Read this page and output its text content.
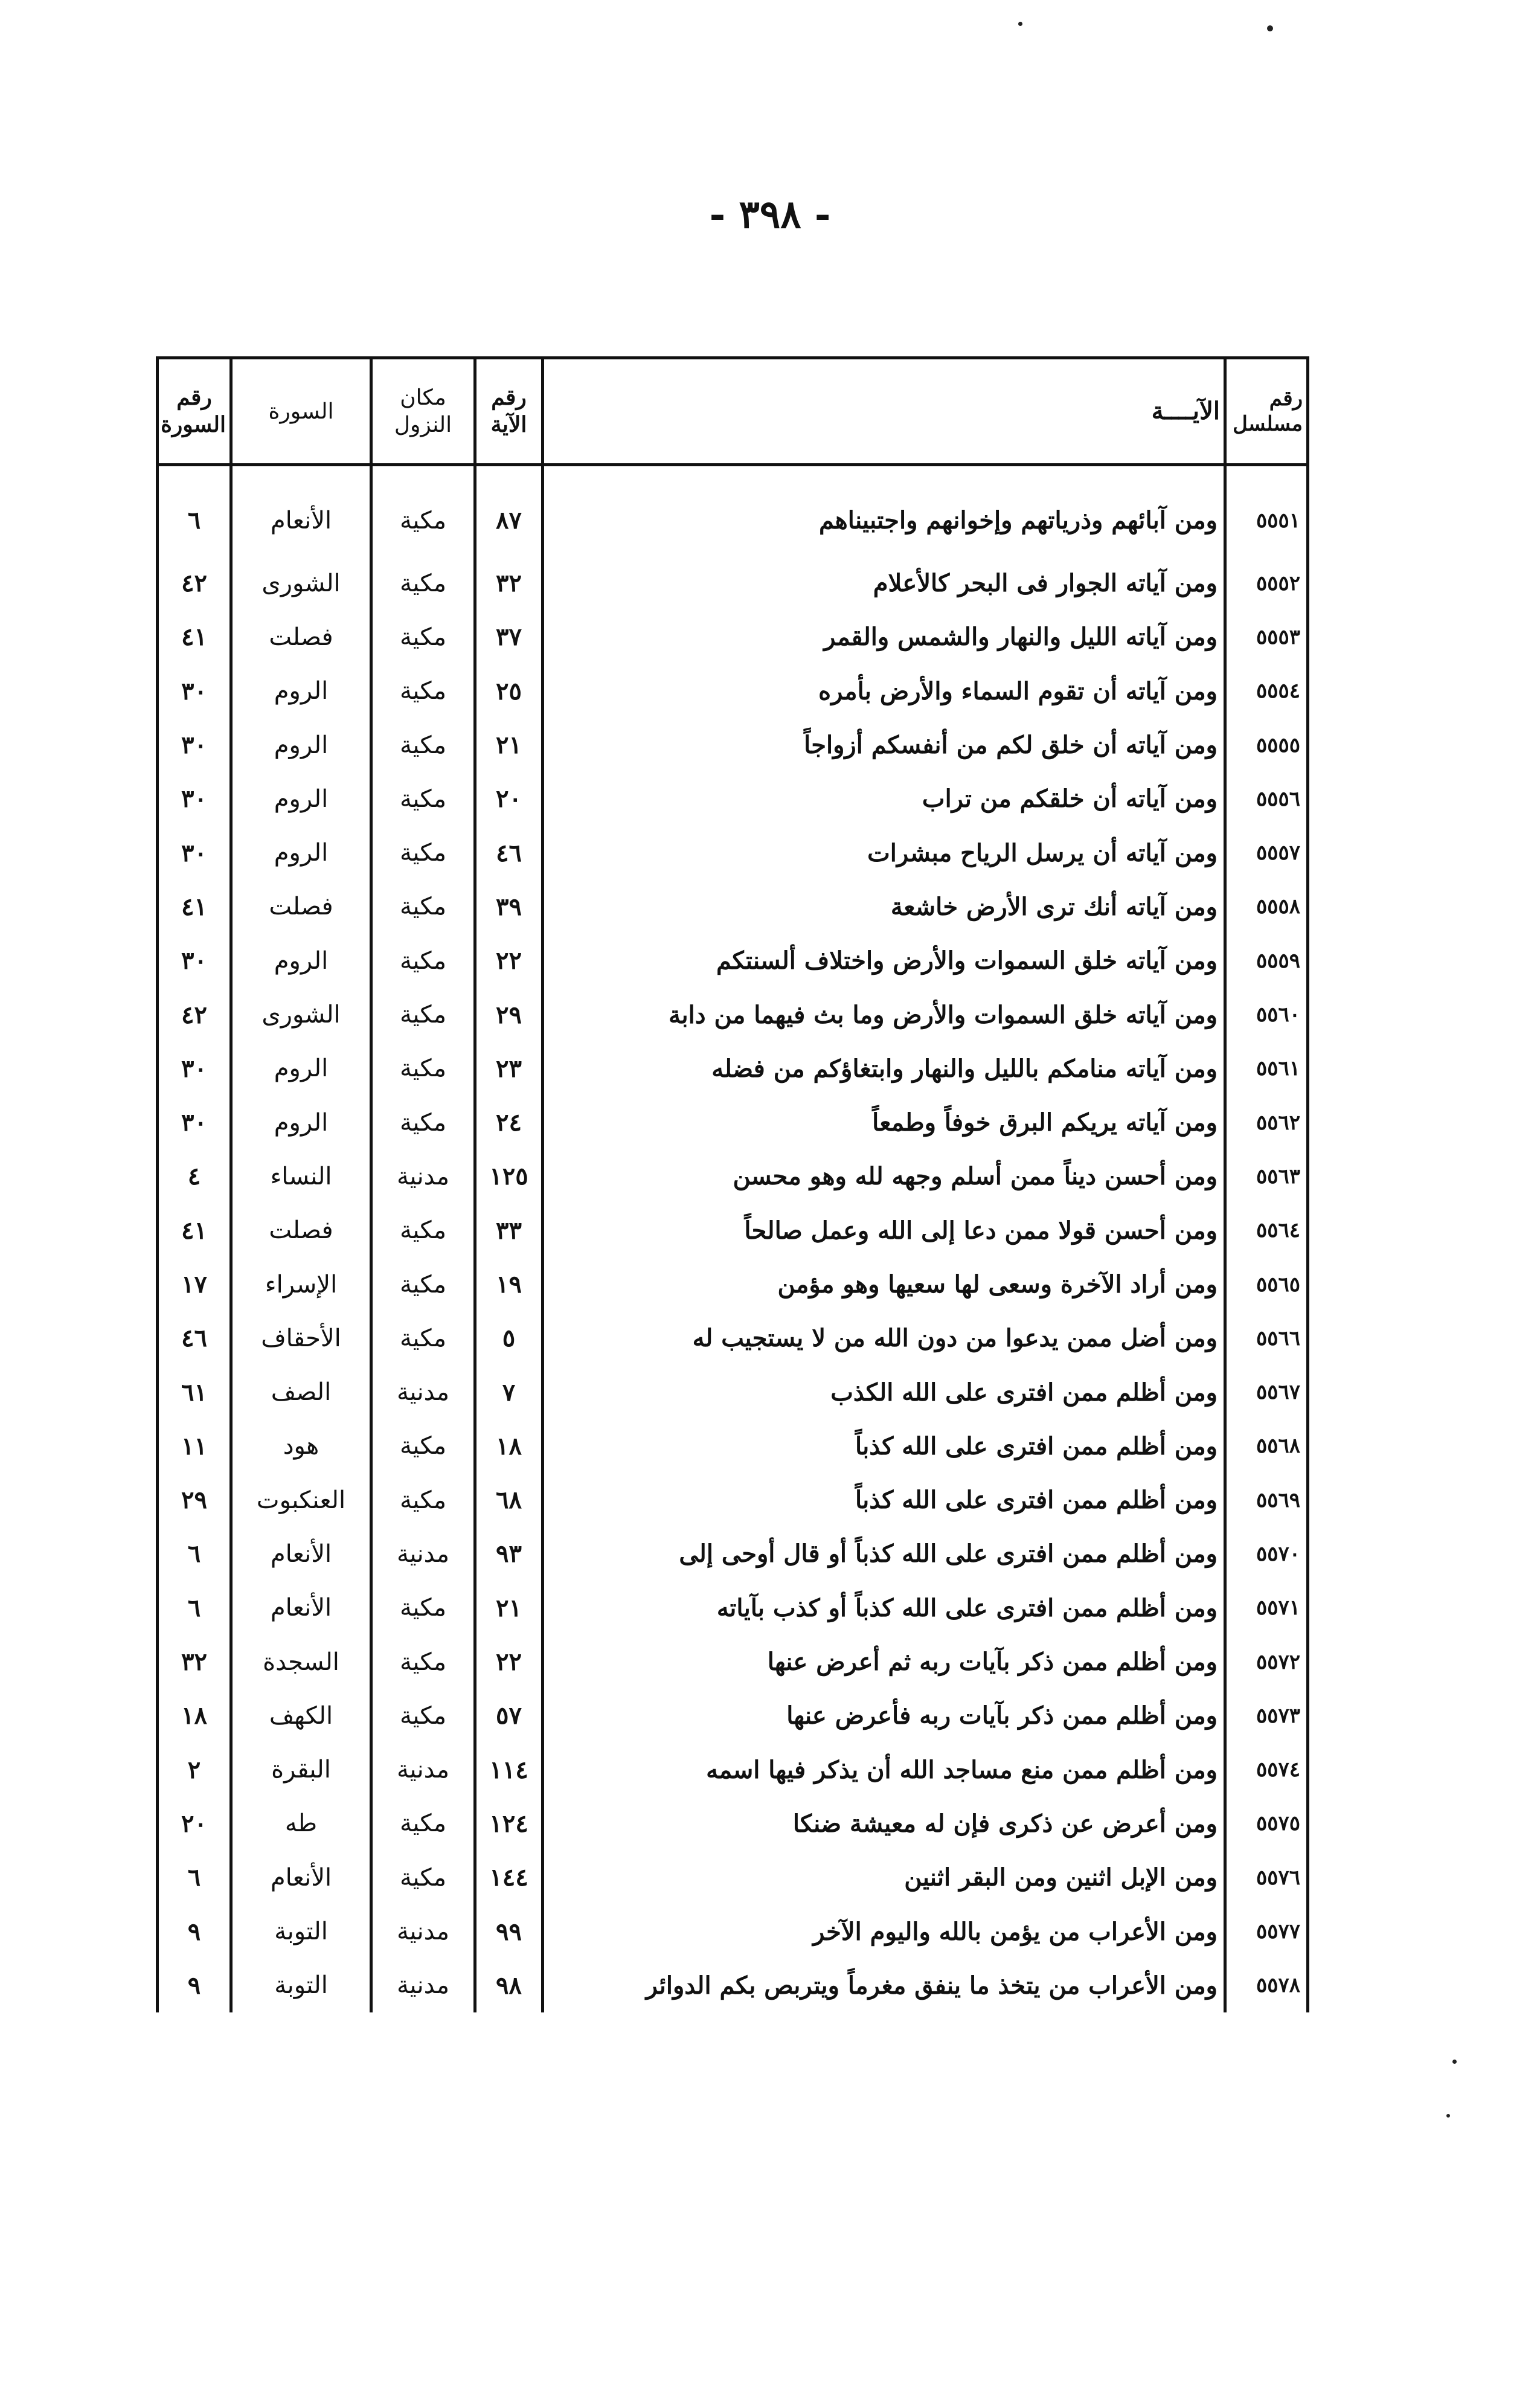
- ٣٩٨ -
رقم مسلسل	الآيــــة	رقم الآية	مكان النزول	السورة	رقم السورة
٥٥٥١	ومن آبائهم وذرياتهم وإخوانهم واجتبيناهم	٨٧	مكية	الأنعام	٦
٥٥٥٢	ومن آياته الجوار فى البحر كالأعلام	٣٢	مكية	الشورى	٤٢
٥٥٥٣	ومن آياته الليل والنهار والشمس والقمر	٣٧	مكية	فصلت	٤١
٥٥٥٤	ومن آياته أن تقوم السماء والأرض بأمره	٢٥	مكية	الروم	٣٠
٥٥٥٥	ومن آياته أن خلق لكم من أنفسكم أزواجاً	٢١	مكية	الروم	٣٠
٥٥٥٦	ومن آياته أن خلقكم من تراب	٢٠	مكية	الروم	٣٠
٥٥٥٧	ومن آياته أن يرسل الرياح مبشرات	٤٦	مكية	الروم	٣٠
٥٥٥٨	ومن آياته أنك ترى الأرض خاشعة	٣٩	مكية	فصلت	٤١
٥٥٥٩	ومن آياته خلق السموات والأرض واختلاف ألسنتكم	٢٢	مكية	الروم	٣٠
٥٥٦٠	ومن آياته خلق السموات والأرض وما بث فيهما من دابة	٢٩	مكية	الشورى	٤٢
٥٥٦١	ومن آياته منامكم بالليل والنهار وابتغاؤكم من فضله	٢٣	مكية	الروم	٣٠
٥٥٦٢	ومن آياته يريكم البرق خوفاً وطمعاً	٢٤	مكية	الروم	٣٠
٥٥٦٣	ومن أحسن ديناً ممن أسلم وجهه لله وهو محسن	١٢٥	مدنية	النساء	٤
٥٥٦٤	ومن أحسن قولا ممن دعا إلى الله وعمل صالحاً	٣٣	مكية	فصلت	٤١
٥٥٦٥	ومن أراد الآخرة وسعى لها سعيها وهو مؤمن	١٩	مكية	الإسراء	١٧
٥٥٦٦	ومن أضل ممن يدعوا من دون الله من لا يستجيب له	٥	مكية	الأحقاف	٤٦
٥٥٦٧	ومن أظلم ممن افترى على الله الكذب	٧	مدنية	الصف	٦١
٥٥٦٨	ومن أظلم ممن افترى على الله كذباً	١٨	مكية	هود	١١
٥٥٦٩	ومن أظلم ممن افترى على الله كذباً	٦٨	مكية	العنكبوت	٢٩
٥٥٧٠	ومن أظلم ممن افترى على الله كذباً أو قال أوحى إلى	٩٣	مدنية	الأنعام	٦
٥٥٧١	ومن أظلم ممن افترى على الله كذباً أو كذب بآياته	٢١	مكية	الأنعام	٦
٥٥٧٢	ومن أظلم ممن ذكر بآيات ربه ثم أعرض عنها	٢٢	مكية	السجدة	٣٢
٥٥٧٣	ومن أظلم ممن ذكر بآيات ربه فأعرض عنها	٥٧	مكية	الكهف	١٨
٥٥٧٤	ومن أظلم ممن منع مساجد الله أن يذكر فيها اسمه	١١٤	مدنية	البقرة	٢
٥٥٧٥	ومن أعرض عن ذكرى فإن له معيشة ضنكا	١٢٤	مكية	طه	٢٠
٥٥٧٦	ومن الإبل اثنين ومن البقر اثنين	١٤٤	مكية	الأنعام	٦
٥٥٧٧	ومن الأعراب من يؤمن بالله واليوم الآخر	٩٩	مدنية	التوبة	٩
٥٥٧٨	ومن الأعراب من يتخذ ما ينفق مغرماً ويتربص بكم الدوائر	٩٨	مدنية	التوبة	٩
